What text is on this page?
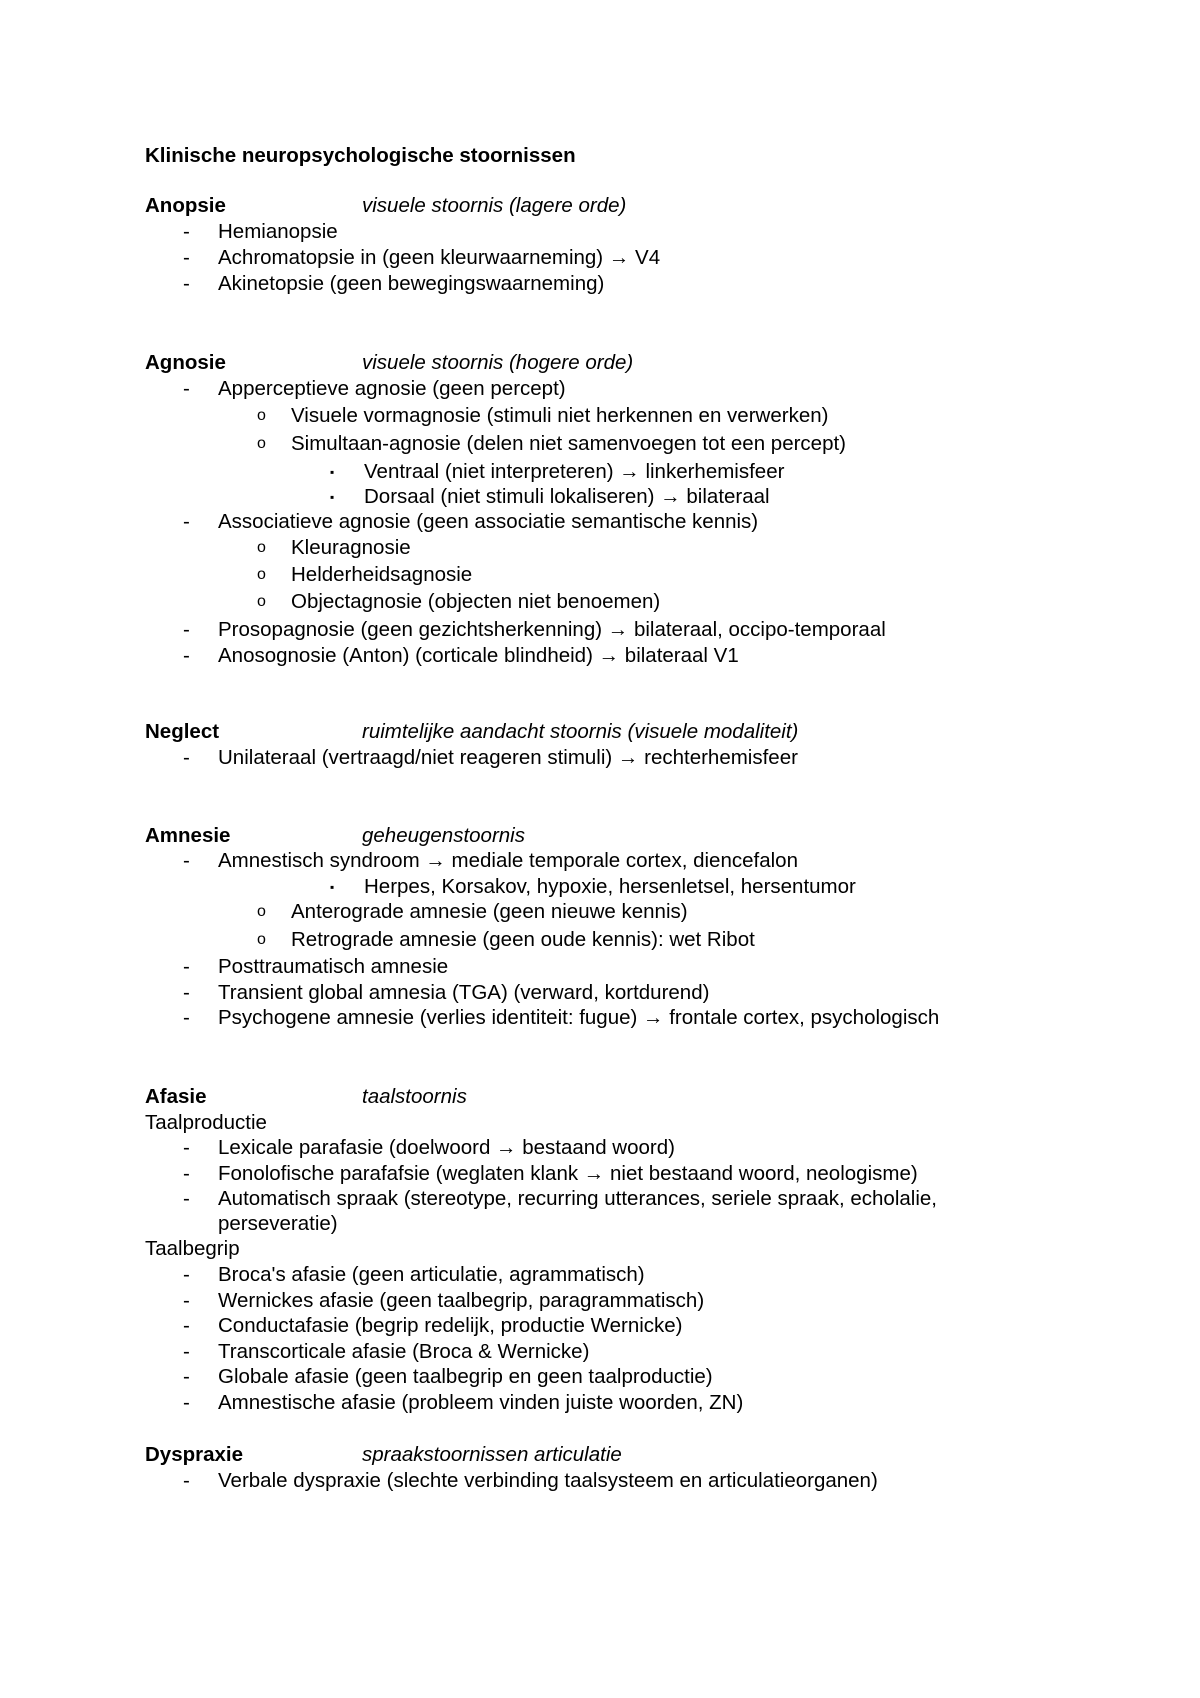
Klinische neuropsychologische stoornissen
Anopsie	visuele stoornis (lagere orde)
- Hemianopsie
- Achromatopsie in (geen kleurwaarneming) → V4
- Akinetopsie (geen bewegingswaarneming)
Agnosie	visuele stoornis (hogere orde)
- Apperceptieve agnosie (geen percept)
o Visuele vormagnosie (stimuli niet herkennen en verwerken)
o Simultaan-agnosie (delen niet samenvoegen tot een percept)
▪ Ventraal (niet interpreteren) → linkerhemisfeer
▪ Dorsaal (niet stimuli lokaliseren) → bilateraal
- Associatieve agnosie (geen associatie semantische kennis)
o Kleuragnosie
o Helderheidsagnosie
o Objectagnosie (objecten niet benoemen)
- Prosopagnosie (geen gezichtsherkenning) → bilateraal, occipo-temporaal
- Anosognosie (Anton) (corticale blindheid) → bilateraal V1
Neglect	ruimtelijke aandacht stoornis (visuele modaliteit)
- Unilateraal (vertraagd/niet reageren stimuli) → rechterhemisfeer
Amnesie	geheugenstoornis
- Amnestisch syndroom → mediale temporale cortex, diencefalon
▪ Herpes, Korsakov, hypoxie, hersenletsel, hersentumor
o Anterograde amnesie (geen nieuwe kennis)
o Retrograde amnesie (geen oude kennis): wet Ribot
- Posttraumatisch amnesie
- Transient global amnesia (TGA) (verward, kortdurend)
- Psychogene amnesie (verlies identiteit: fugue) → frontale cortex, psychologisch
Afasie	taalstoornis
Taalproductie
- Lexicale parafasie (doelwoord → bestaand woord)
- Fonolofische parafafsie (weglaten klank → niet bestaand woord, neologisme)
- Automatisch spraak (stereotype, recurring utterances, seriele spraak, echolalie,
perseveratie)
Taalbegrip
- Broca's afasie (geen articulatie, agrammatisch)
- Wernickes afasie (geen taalbegrip, paragrammatisch)
- Conductafasie (begrip redelijk, productie Wernicke)
- Transcorticale afasie (Broca & Wernicke)
- Globale afasie (geen taalbegrip en geen taalproductie)
- Amnestische afasie (probleem vinden juiste woorden, ZN)
Dyspraxie	spraakstoornissen articulatie
- Verbale dyspraxie (slechte verbinding taalsysteem en articulatieorganen)
